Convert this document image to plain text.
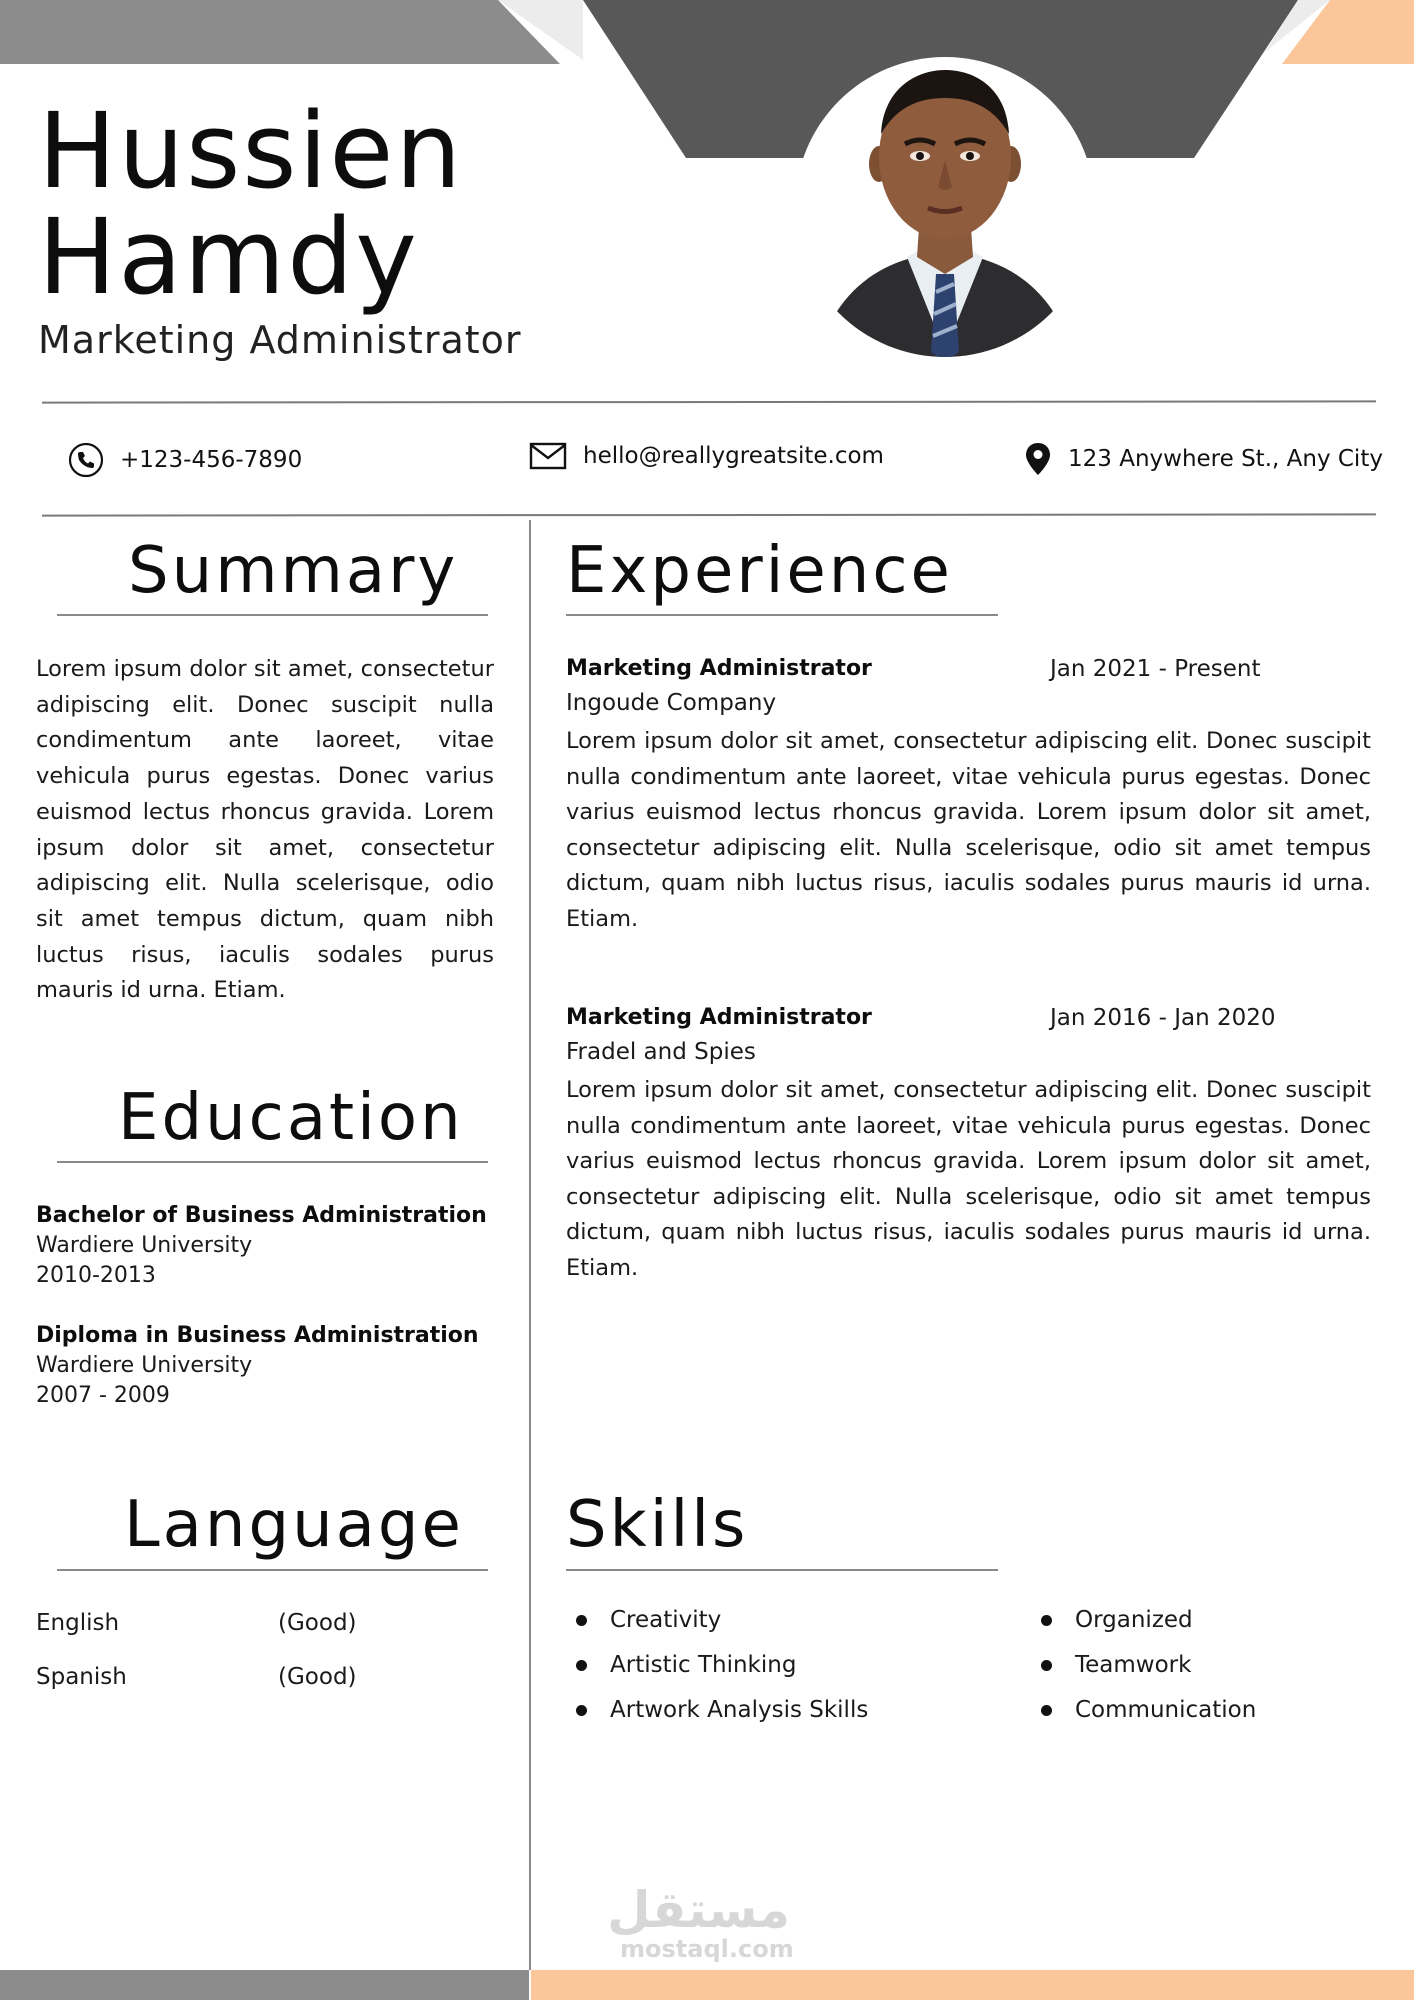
Hussien
Hamdy
Marketing Administrator
+123-456-7890	hello@reallygreatsite.com	123 Anywhere St., Any City
Summary

Lorem ipsum dolor sit amet, consectetur adipiscing elit. Donec suscipit nulla condimentum ante laoreet, vitae vehicula purus egestas. Donec varius euismod lectus rhoncus gravida. Lorem ipsum dolor sit amet, consectetur adipiscing elit. Nulla scelerisque, odio sit amet tempus dictum, quam nibh luctus risus, iaculis sodales purus mauris id urna. Etiam.

Education
Bachelor of Business Administration
Wardiere University
2010-2013
Diploma in Business Administration
Wardiere University
2007 - 2009
Language
English	(Good)
Spanish	(Good)
Experience
Marketing Administrator	Jan 2021 - Present
Ingoude Company

Lorem ipsum dolor sit amet, consectetur adipiscing elit. Donec suscipit nulla condimentum ante laoreet, vitae vehicula purus egestas. Donec varius euismod lectus rhoncus gravida. Lorem ipsum dolor sit amet, consectetur adipiscing elit. Nulla scelerisque, odio sit amet tempus dictum, quam nibh luctus risus, iaculis sodales purus mauris id urna. Etiam.

Marketing Administrator	Jan 2016 - Jan 2020
Fradel and Spies

Lorem ipsum dolor sit amet, consectetur adipiscing elit. Donec suscipit nulla condimentum ante laoreet, vitae vehicula purus egestas. Donec varius euismod lectus rhoncus gravida. Lorem ipsum dolor sit amet, consectetur adipiscing elit. Nulla scelerisque, odio sit amet tempus dictum, quam nibh luctus risus, iaculis sodales purus mauris id urna. Etiam.

Skills
Creativity
Artistic Thinking
Artwork Analysis Skills
Organized
Teamwork
Communication
مستقل
mostaql.com
